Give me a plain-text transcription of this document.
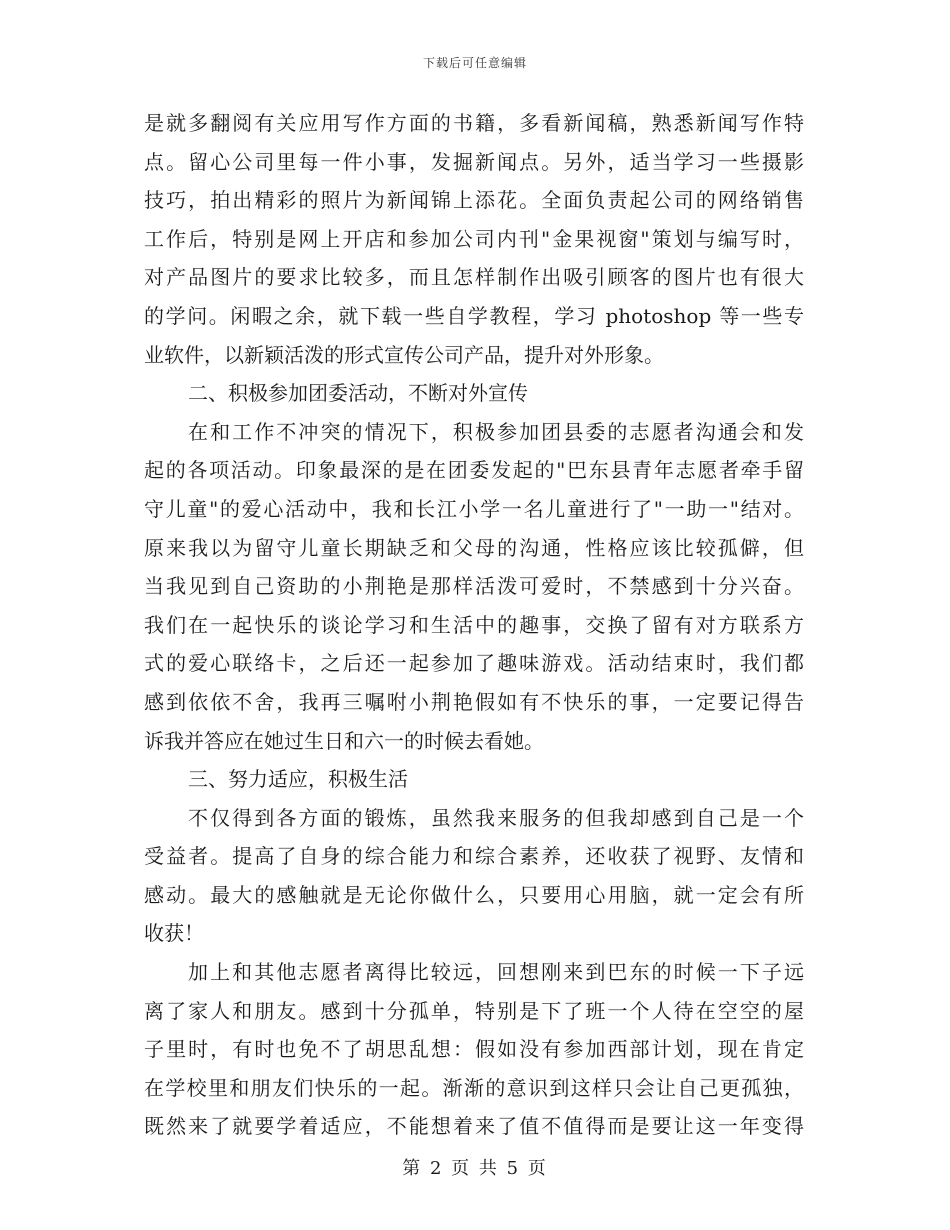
下载后可任意编辑
是就多翻阅有关应用写作方面的书籍，多看新闻稿，熟悉新闻写作特
点。留心公司里每一件小事，发掘新闻点。另外，适当学习一些摄影
技巧，拍出精彩的照片为新闻锦上添花。全面负责起公司的网络销售
工作后，特别是网上开店和参加公司内刊"金果视窗"策划与编写时，
对产品图片的要求比较多，而且怎样制作出吸引顾客的图片也有很大
的学问。闲暇之余，就下载一些自学教程，学习 photoshop 等一些专
业软件，以新颖活泼的形式宣传公司产品，提升对外形象。
二、积极参加团委活动，不断对外宣传
在和工作不冲突的情况下，积极参加团县委的志愿者沟通会和发
起的各项活动。印象最深的是在团委发起的"巴东县青年志愿者牵手留
守儿童"的爱心活动中，我和长江小学一名儿童进行了"一助一"结对。
原来我以为留守儿童长期缺乏和父母的沟通，性格应该比较孤僻，但
当我见到自己资助的小荆艳是那样活泼可爱时，不禁感到十分兴奋。
我们在一起快乐的谈论学习和生活中的趣事，交换了留有对方联系方
式的爱心联络卡，之后还一起参加了趣味游戏。活动结束时，我们都
感到依依不舍，我再三嘱咐小荆艳假如有不快乐的事，一定要记得告
诉我并答应在她过生日和六一的时候去看她。
三、努力适应，积极生活
不仅得到各方面的锻炼，虽然我来服务的但我却感到自己是一个
受益者。提高了自身的综合能力和综合素养，还收获了视野、友情和
感动。最大的感触就是无论你做什么，只要用心用脑，就一定会有所
收获！
加上和其他志愿者离得比较远，回想刚来到巴东的时候一下子远
离了家人和朋友。感到十分孤单，特别是下了班一个人待在空空的屋
子里时，有时也免不了胡思乱想：假如没有参加西部计划，现在肯定
在学校里和朋友们快乐的一起。渐渐的意识到这样只会让自己更孤独，
既然来了就要学着适应，不能想着来了值不值得而是要让这一年变得
第 2 页 共 5 页
